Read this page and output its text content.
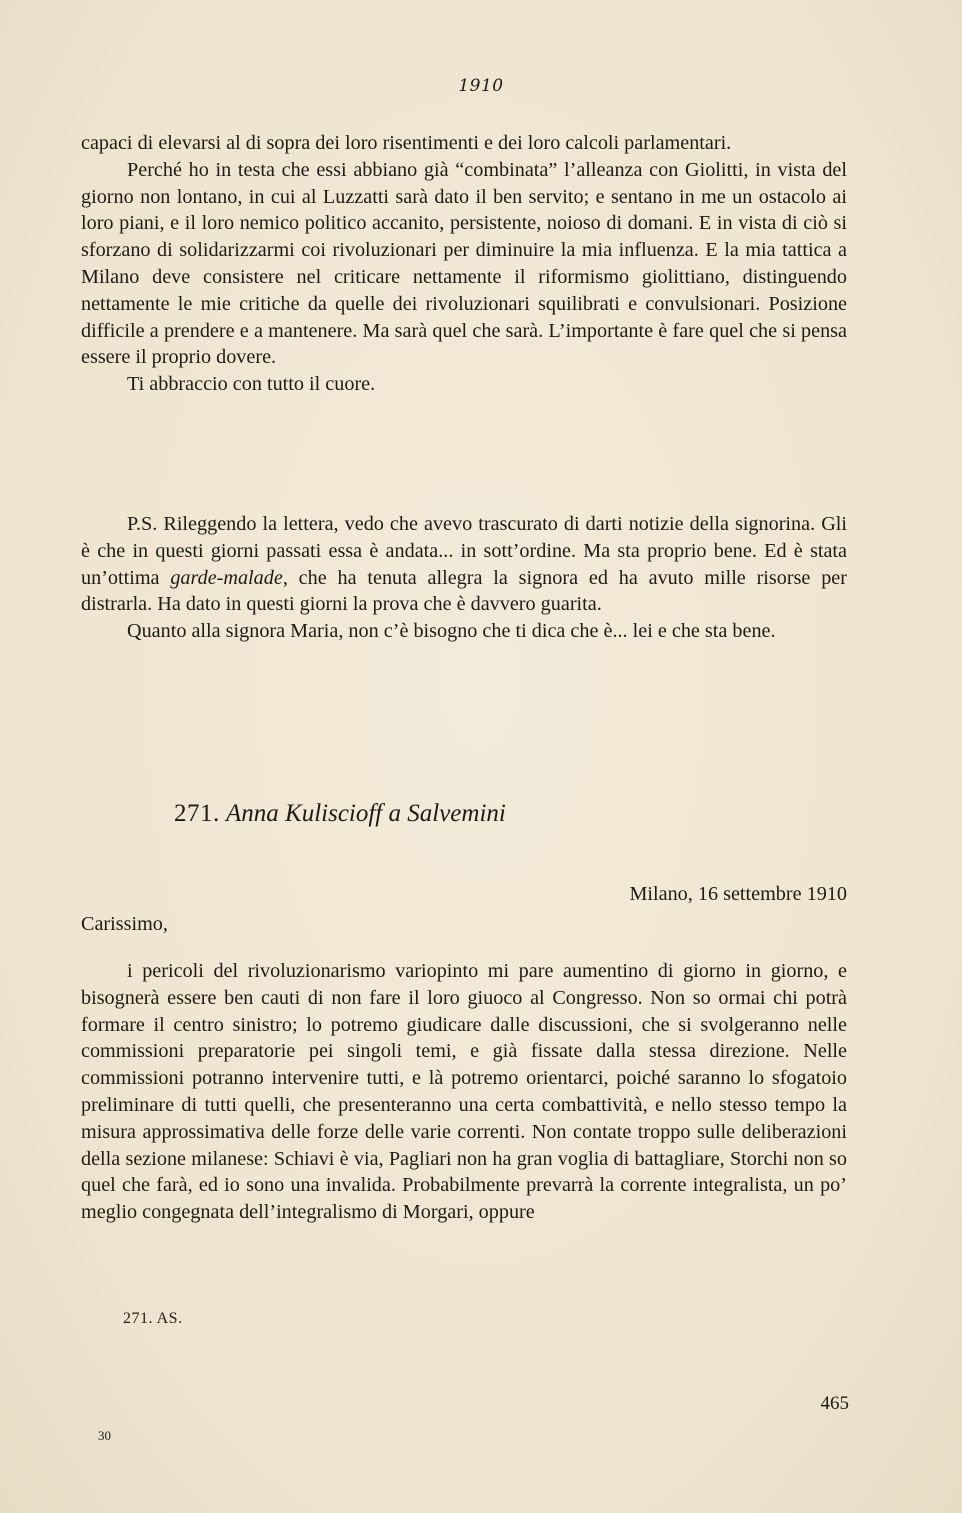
1910

capaci di elevarsi al di sopra dei loro risentimenti e dei loro calcoli parlamentari.

Perché ho in testa che essi abbiano già “combinata” l’alleanza con Giolitti, in vista del giorno non lontano, in cui al Luzzatti sarà dato il ben servito; e sentano in me un ostacolo ai loro piani, e il loro nemico politico accanito, persistente, noioso di domani. E in vista di ciò si sforzano di solidarizzarmi coi rivoluzionari per diminuire la mia influenza. E la mia tattica a Milano deve consistere nel criticare nettamente il riformismo giolittiano, distinguendo nettamente le mie critiche da quelle dei rivoluzionari squilibrati e convulsionari. Posizione difficile a prendere e a mantenere. Ma sarà quel che sarà. L’importante è fare quel che si pensa essere il proprio dovere.

Ti abbraccio con tutto il cuore.

P.S. Rileggendo la lettera, vedo che avevo trascurato di darti notizie della signorina. Gli è che in questi giorni passati essa è andata... in sott’ordine. Ma sta proprio bene. Ed è stata un’ottima garde-malade, che ha tenuta allegra la signora ed ha avuto mille risorse per distrarla. Ha dato in questi giorni la prova che è davvero guarita.

Quanto alla signora Maria, non c’è bisogno che ti dica che è... lei e che sta bene.

271. Anna Kuliscioff a Salvemini
Milano, 16 settembre 1910
Carissimo,

i pericoli del rivoluzionarismo variopinto mi pare aumentino di giorno in giorno, e bisognerà essere ben cauti di non fare il loro giuoco al Congresso. Non so ormai chi potrà formare il centro sinistro; lo potremo giudicare dalle discussioni, che si svolgeranno nelle commissioni preparatorie pei singoli temi, e già fissate dalla stessa direzione. Nelle commissioni potranno intervenire tutti, e là potremo orientarci, poiché saranno lo sfogatoio preliminare di tutti quelli, che presenteranno una certa combattività, e nello stesso tempo la misura approssimativa delle forze delle varie correnti. Non contate troppo sulle deliberazioni della sezione milanese: Schiavi è via, Pagliari non ha gran voglia di battagliare, Storchi non so quel che farà, ed io sono una invalida. Probabilmente prevarrà la corrente integralista, un po’ meglio congegnata dell’integralismo di Morgari, oppure

271. AS.
465
30
